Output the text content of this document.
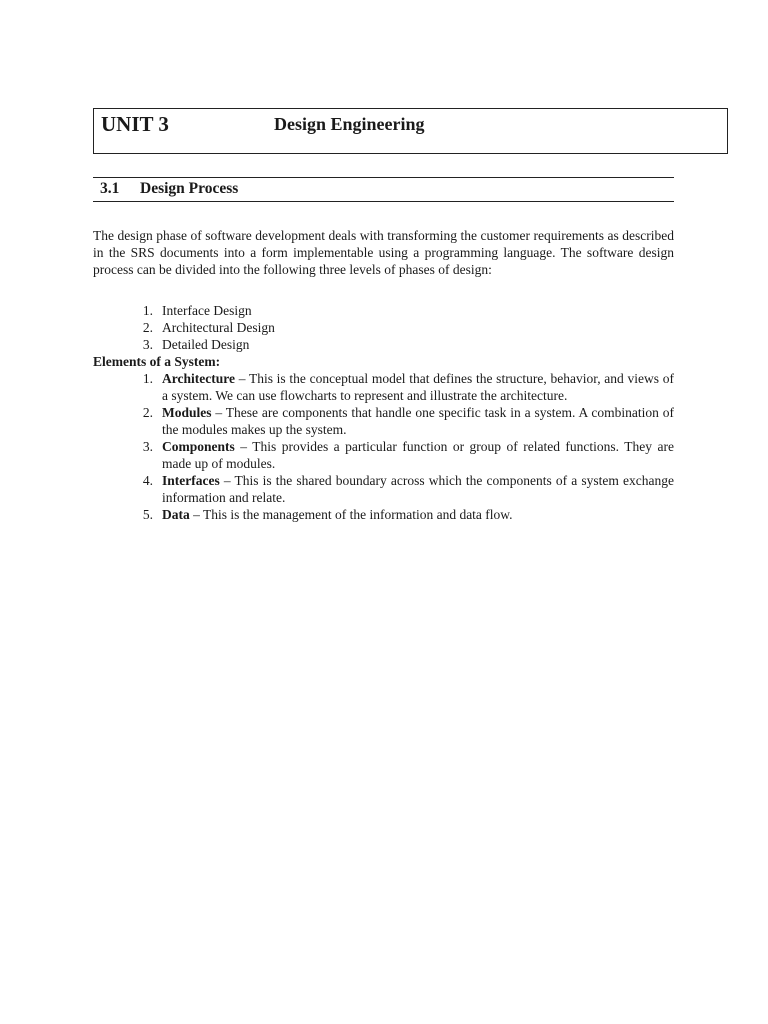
UNIT 3	Design Engineering
3.1 Design Process

The design phase of software development deals with transforming the customer requirements as described in the SRS documents into a form implementable using a programming language. The software design process can be divided into the following three levels of phases of design:

1. Interface Design
2. Architectural Design
3. Detailed Design

Elements of a System:

1. Architecture – This is the conceptual model that defines the structure, behavior, and views of a system. We can use flowcharts to represent and illustrate the architecture.
2. Modules – These are components that handle one specific task in a system. A combination of the modules makes up the system.
3. Components – This provides a particular function or group of related functions. They are made up of modules.
4. Interfaces – This is the shared boundary across which the components of a system exchange information and relate.
5. Data – This is the management of the information and data flow.
